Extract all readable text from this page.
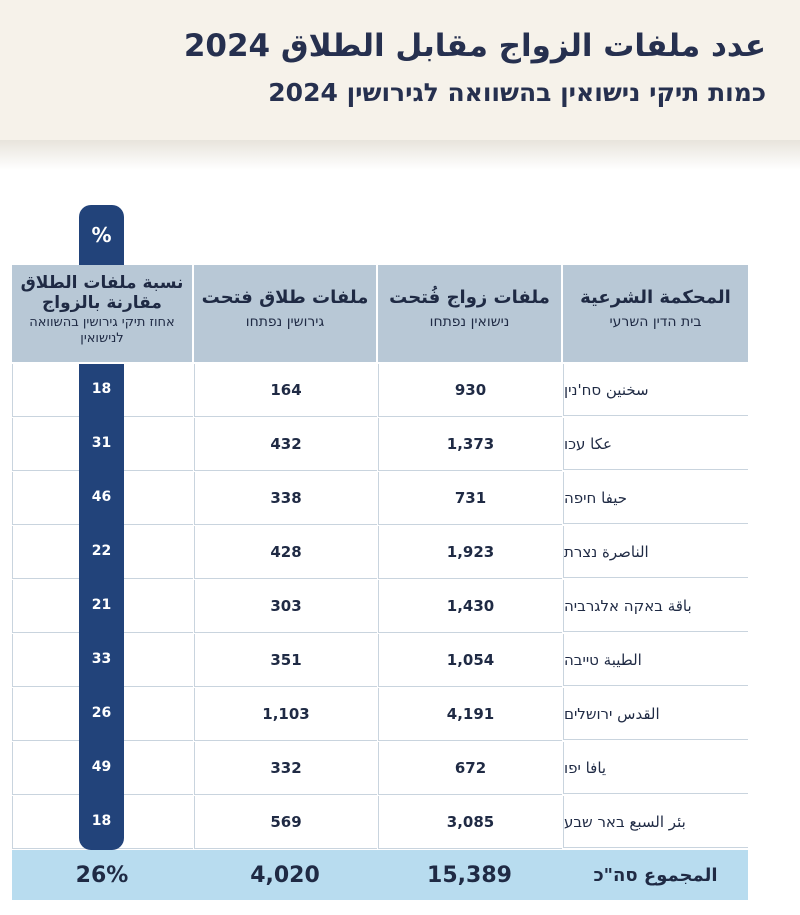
عدد ملفات الزواج مقابل الطلاق 2024
כמות תיקי נישואין בהשוואה לגירושין 2024
%
المحكمة الشرعية
בית הדין השרעי
ملفات زواج فُتحت
נישואין נפתחו
ملفات طلاق فتحت
גירושין נפתחו
نسبة ملفات الطلاق مقارنة بالزواج
אחוז תיקי גירושין בהשוואה לנישואין
سخنين סח'נין
930
164
عكا עכו
1,373
432
حيفا חיפה
731
338
الناصرة נצרת
1,923
428
باقة באקה אלגרביה
1,430
303
الطيبة טייבה
1,054
351
القدس ירושלים
4,191
1,103
يافا יפו
672
332
بئر السبع באר שבע
3,085
569
18
31
46
22
21
33
26
49
18
المجموع סה"כ
15,389
4,020
26%
